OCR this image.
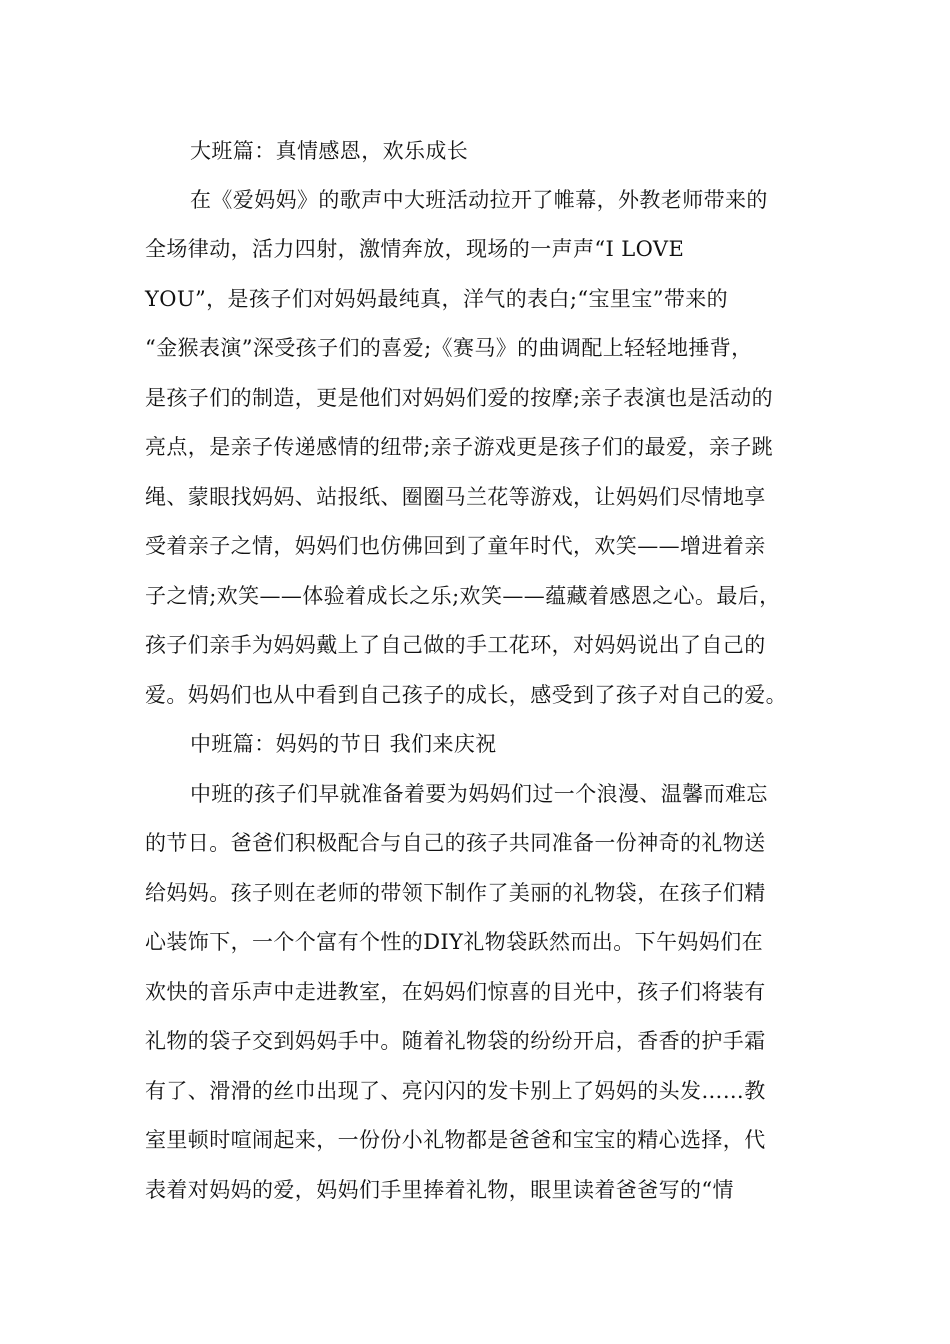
大班篇：真情感恩，欢乐成长
在《爱妈妈》的歌声中大班活动拉开了帷幕，外教老师带来的
全场律动，活力四射，激情奔放，现场的一声声“I LOVE
YOU”，是孩子们对妈妈最纯真，洋气的表白;“宝里宝”带来的
“金猴表演”深受孩子们的喜爱;《赛马》的曲调配上轻轻地捶背，
是孩子们的制造，更是他们对妈妈们爱的按摩;亲子表演也是活动的
亮点，是亲子传递感情的纽带;亲子游戏更是孩子们的最爱，亲子跳
绳、蒙眼找妈妈、站报纸、圈圈马兰花等游戏，让妈妈们尽情地享
受着亲子之情，妈妈们也仿佛回到了童年时代，欢笑——增进着亲
子之情;欢笑——体验着成长之乐;欢笑——蕴藏着感恩之心。最后，
孩子们亲手为妈妈戴上了自己做的手工花环，对妈妈说出了自己的
爱。妈妈们也从中看到自己孩子的成长，感受到了孩子对自己的爱。
中班篇：妈妈的节日 我们来庆祝
中班的孩子们早就准备着要为妈妈们过一个浪漫、温馨而难忘
的节日。爸爸们积极配合与自己的孩子共同准备一份神奇的礼物送
给妈妈。孩子则在老师的带领下制作了美丽的礼物袋，在孩子们精
心装饰下，一个个富有个性的DIY礼物袋跃然而出。下午妈妈们在
欢快的音乐声中走进教室，在妈妈们惊喜的目光中，孩子们将装有
礼物的袋子交到妈妈手中。随着礼物袋的纷纷开启，香香的护手霜
有了、滑滑的丝巾出现了、亮闪闪的发卡别上了妈妈的头发……教
室里顿时喧闹起来，一份份小礼物都是爸爸和宝宝的精心选择，代
表着对妈妈的爱，妈妈们手里捧着礼物，眼里读着爸爸写的“情
